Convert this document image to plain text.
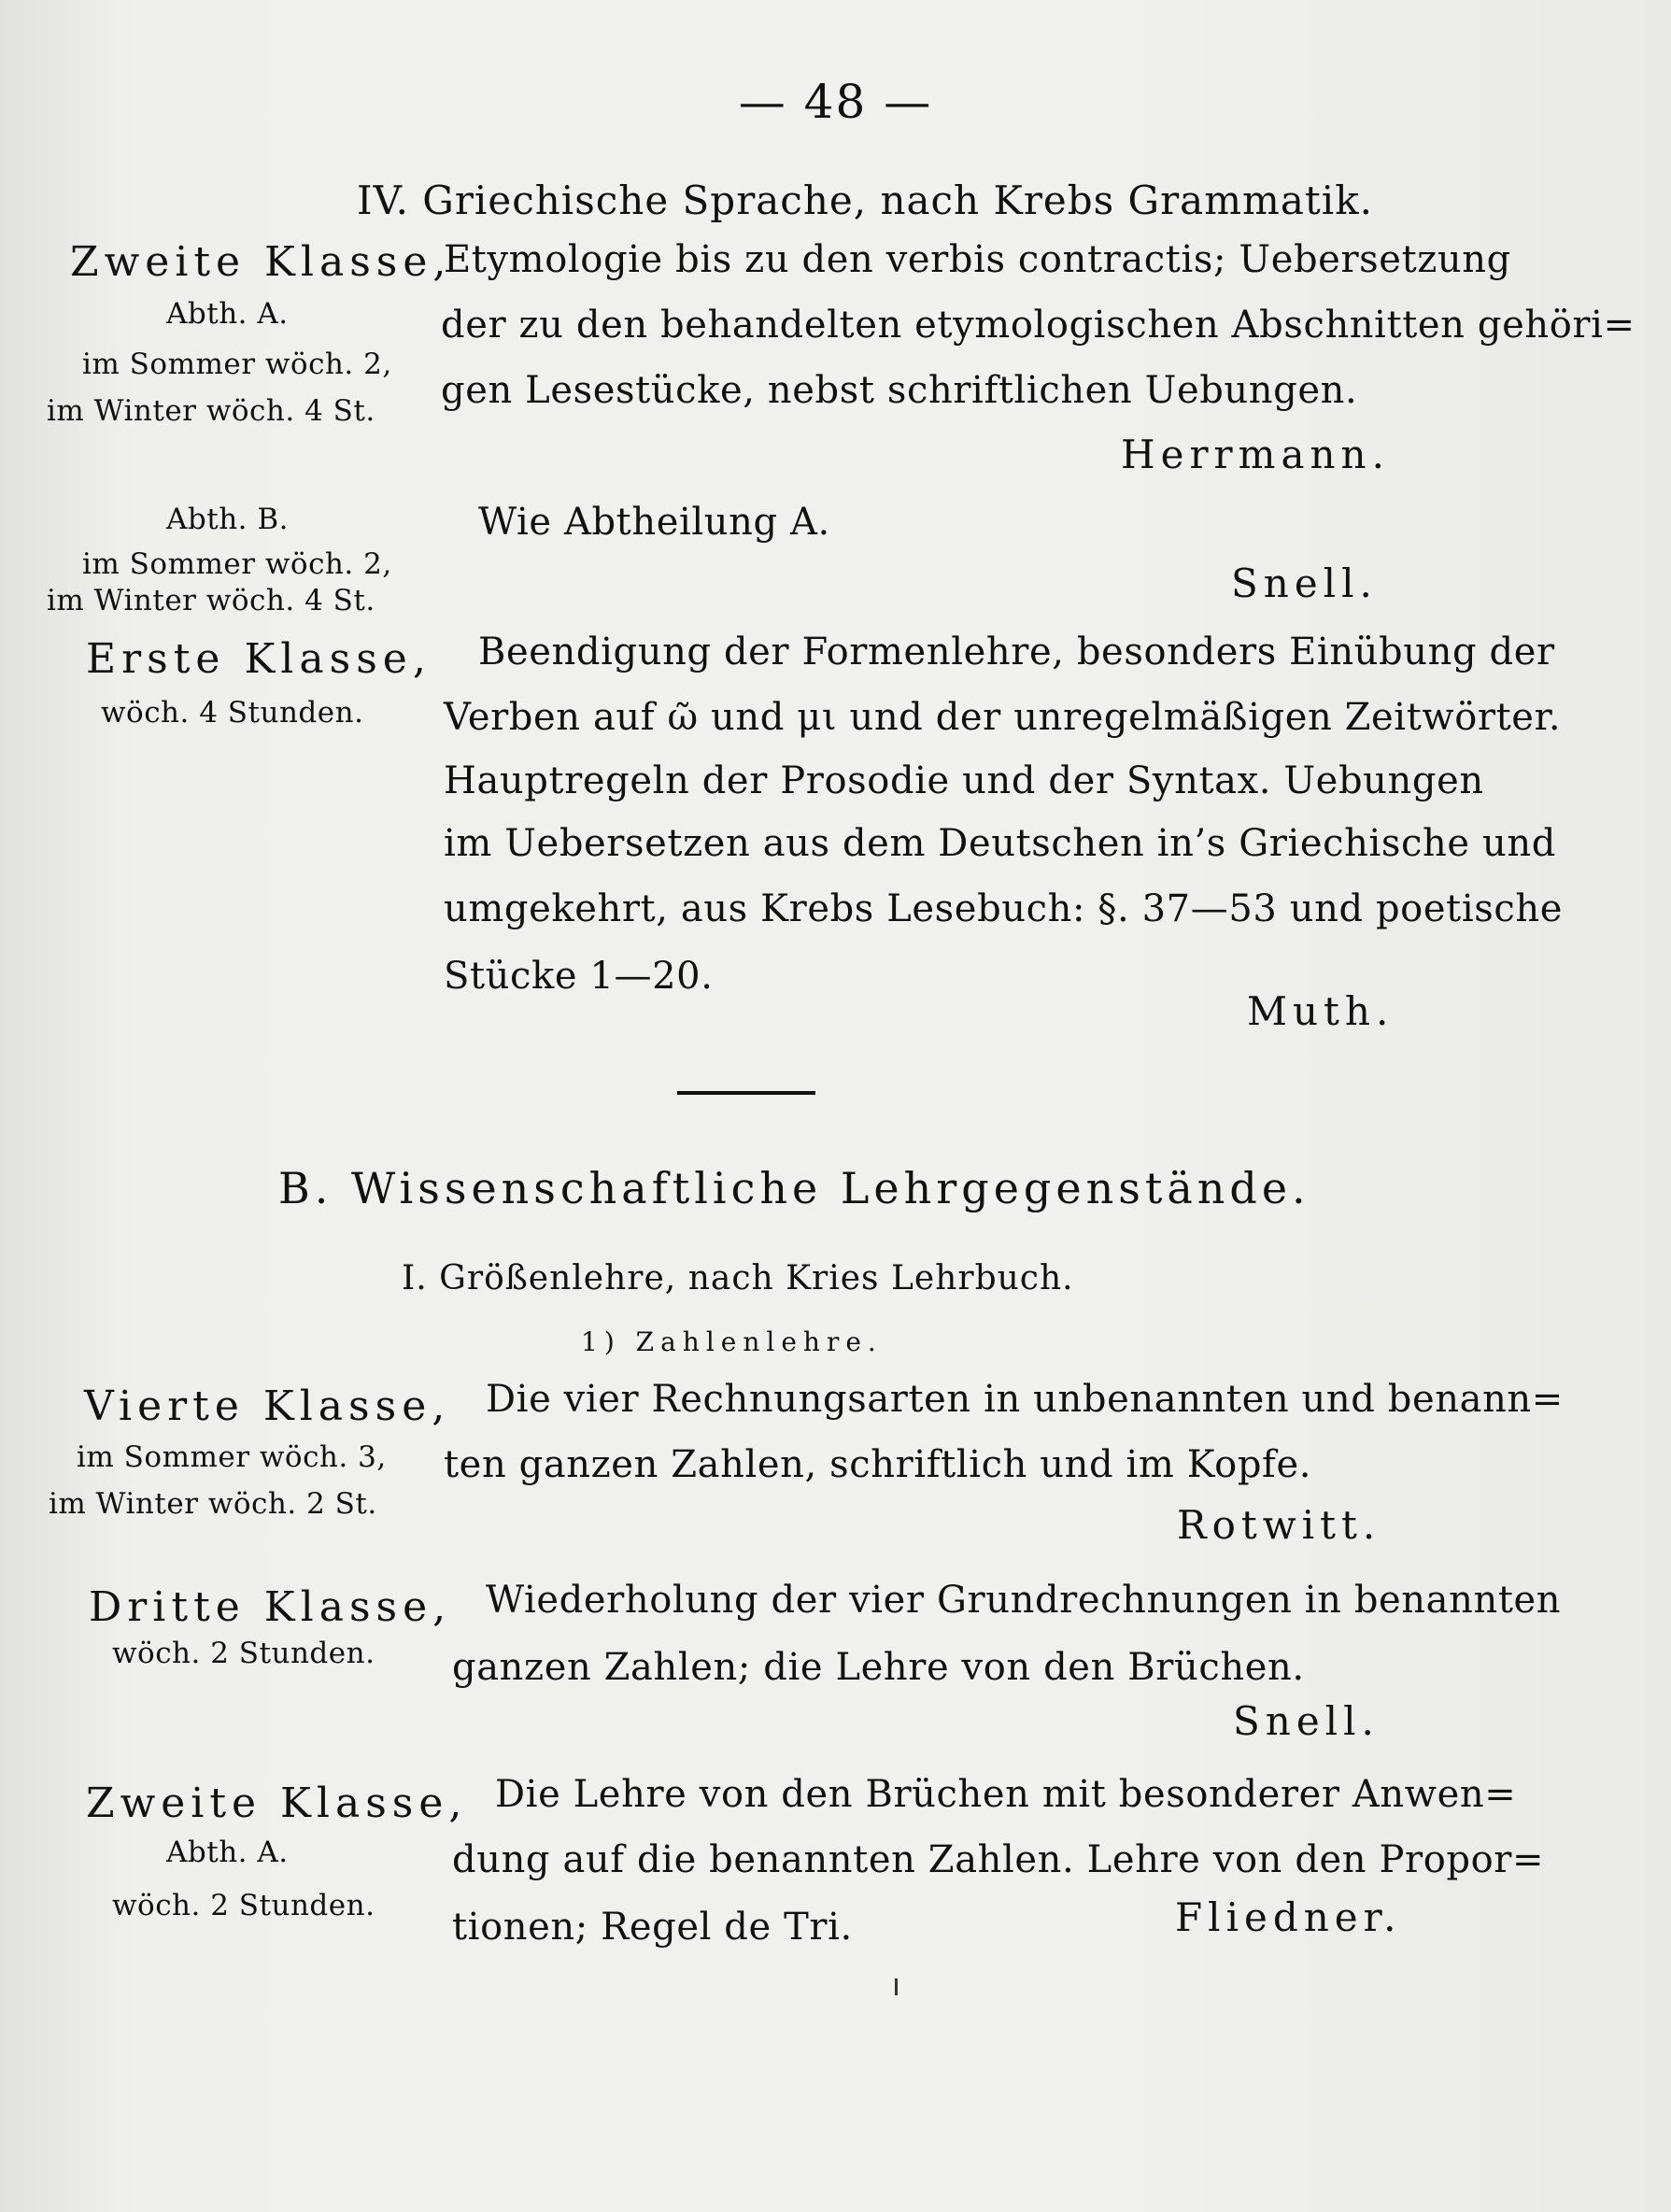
— 48 —
IV. Griechische Sprache, nach Krebs Grammatik.
Zweite Klasse,
Abth. A.
im Sommer wöch. 2,
im Winter wöch. 4 St.
Etymologie bis zu den verbis contractis; Uebersetzung
der zu den behandelten etymologischen Abschnitten gehöri=
gen Lesestücke, nebst schriftlichen Uebungen.
Herrmann.
Abth. B.
im Sommer wöch. 2,
im Winter wöch. 4 St.
Wie Abtheilung A.
Snell.
Erste Klasse,
wöch. 4 Stunden.
Beendigung der Formenlehre, besonders Einübung der
Verben auf ῶ und μι und der unregelmäßigen Zeitwörter.
Hauptregeln der Prosodie und der Syntax. Uebungen
im Uebersetzen aus dem Deutschen in’s Griechische und
umgekehrt, aus Krebs Lesebuch: §. 37—53 und poetische
Stücke 1—20.
Muth.
B. Wissenschaftliche Lehrgegenstände.
I. Größenlehre, nach Kries Lehrbuch.
1) Zahlenlehre.
Vierte Klasse,
im Sommer wöch. 3,
im Winter wöch. 2 St.
Die vier Rechnungsarten in unbenannten und benann=
ten ganzen Zahlen, schriftlich und im Kopfe.
Rotwitt.
Dritte Klasse,
wöch. 2 Stunden.
Wiederholung der vier Grundrechnungen in benannten
ganzen Zahlen; die Lehre von den Brüchen.
Snell.
Zweite Klasse,
Abth. A.
wöch. 2 Stunden.
Die Lehre von den Brüchen mit besonderer Anwen=
dung auf die benannten Zahlen. Lehre von den Propor=
tionen; Regel de Tri.	Fliedner.
